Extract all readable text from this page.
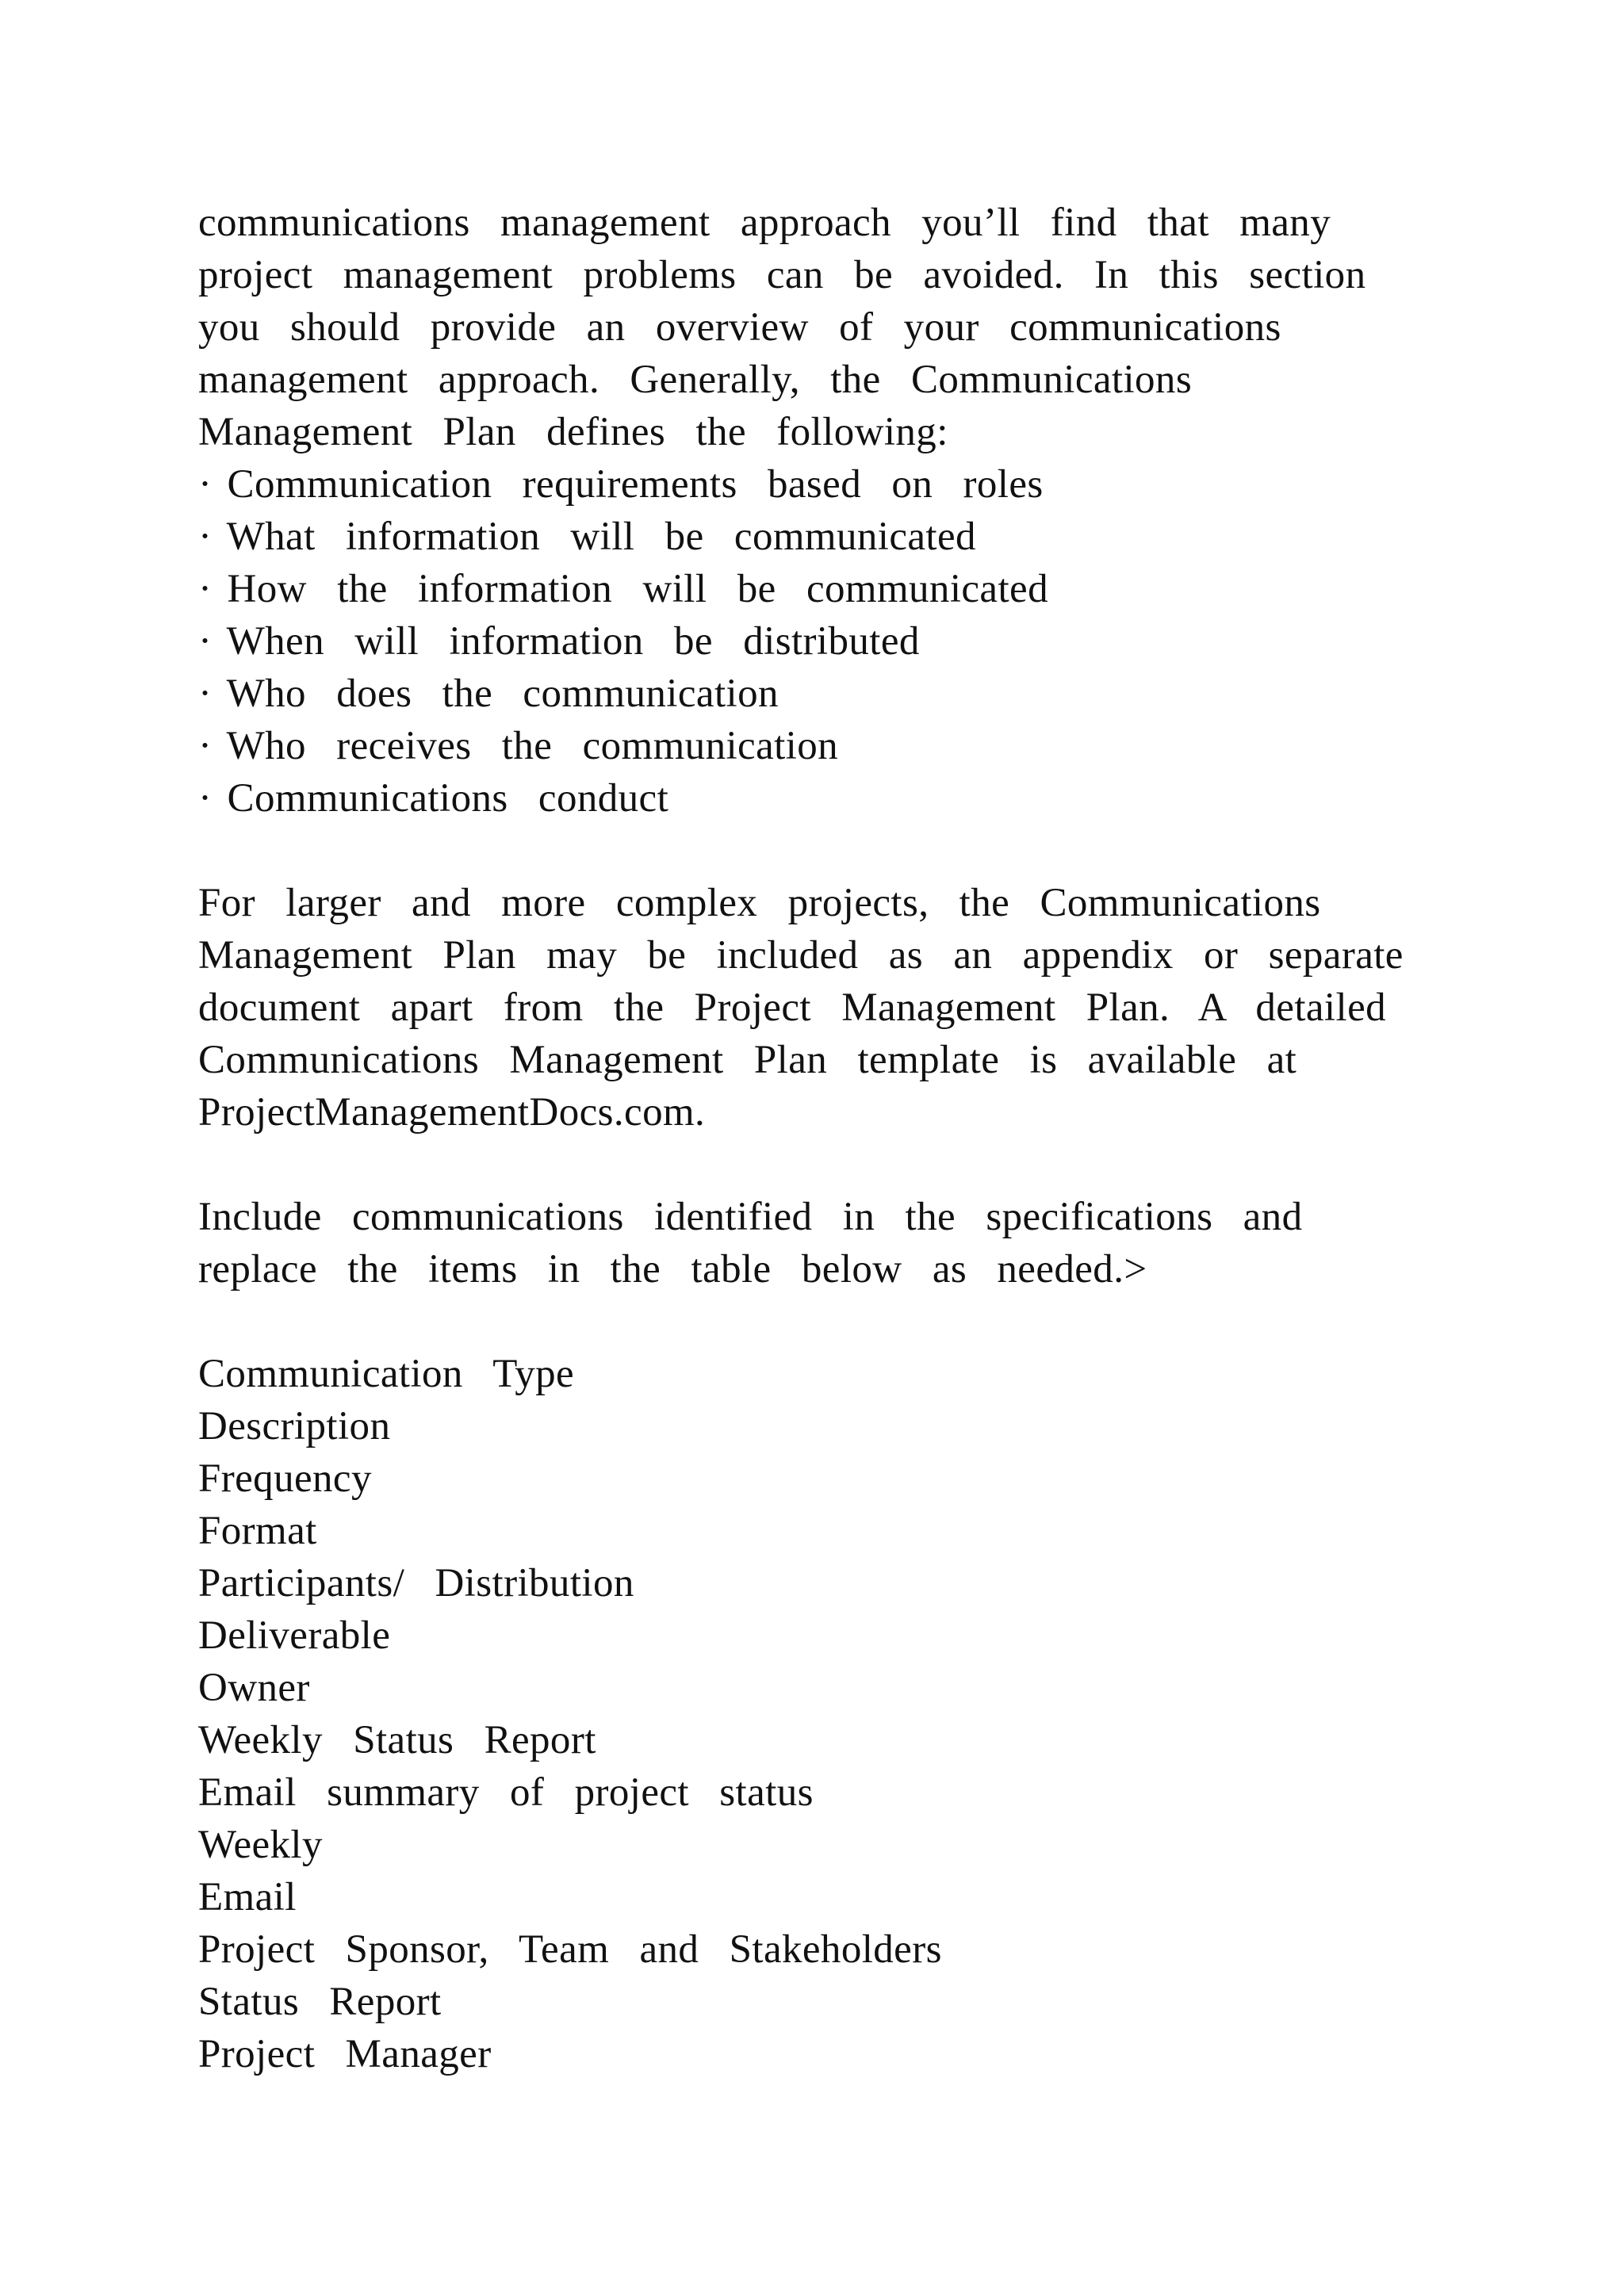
communications  management  approach  you’ll  find  that  many
project  management  problems  can  be  avoided.  In  this  section
you  should  provide  an  overview  of  your  communications
management  approach.  Generally,  the  Communications
Management  Plan  defines  the  following:
· Communication  requirements  based  on  roles
· What  information  will  be  communicated
· How  the  information  will  be  communicated
· When  will  information  be  distributed
· Who  does  the  communication
· Who  receives  the  communication
· Communications  conduct
For  larger  and  more  complex  projects,  the  Communications
Management  Plan  may  be  included  as  an  appendix  or  separate
document  apart  from  the  Project  Management  Plan.  A  detailed
Communications  Management  Plan  template  is  available  at
ProjectManagementDocs.com.
Include  communications  identified  in  the  specifications  and
replace  the  items  in  the  table  below  as  needed.>
Communication  Type
Description
Frequency
Format
Participants/  Distribution
Deliverable
Owner
Weekly  Status  Report
Email  summary  of  project  status
Weekly
Email
Project  Sponsor,  Team  and  Stakeholders
Status  Report
Project  Manager
